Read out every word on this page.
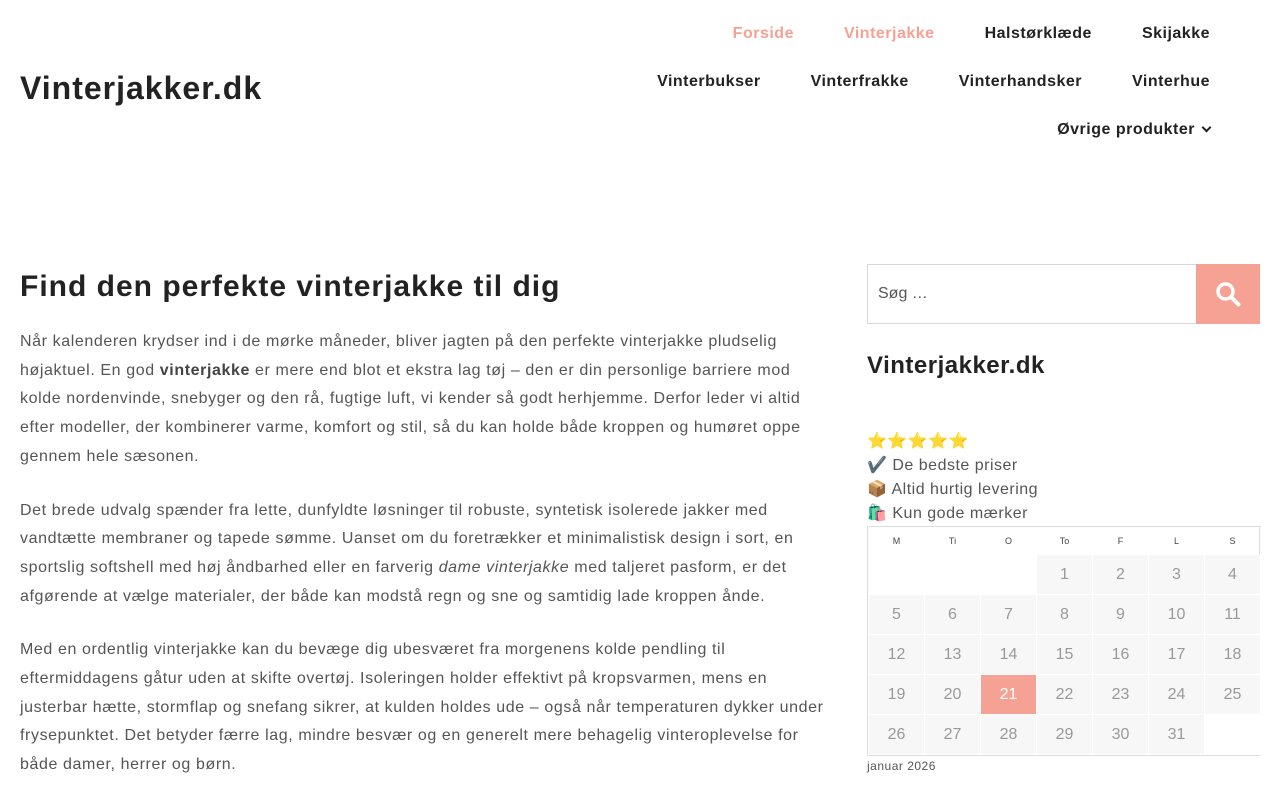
Vinterjakker.dk
Forside	Vinterjakke	Halstørklæde	Skijakke
Vinterbukser	Vinterfrakke	Vinterhandsker	Vinterhue
Øvrige produkter
Find den perfekte vinterjakke til dig

Når kalenderen krydser ind i de mørke måneder, bliver jagten på den perfekte vinterjakke pludselig højaktuel. En god vinterjakke er mere end blot et ekstra lag tøj – den er din personlige barriere mod kolde nordenvinde, snebyger og den rå, fugtige luft, vi kender så godt herhjemme. Derfor leder vi altid efter modeller, der kombinerer varme, komfort og stil, så du kan holde både kroppen og humøret oppe gennem hele sæsonen.

Det brede udvalg spænder fra lette, dunfyldte løsninger til robuste, syntetisk isolerede jakker med vandtætte membraner og tapede sømme. Uanset om du foretrækker et minimalistisk design i sort, en sportslig softshell med høj åndbarhed eller en farverig dame vinterjakke med taljeret pasform, er det afgørende at vælge materialer, der både kan modstå regn og sne og samtidig lade kroppen ånde.

Med en ordentlig vinterjakke kan du bevæge dig ubesværet fra morgenens kolde pendling til eftermiddagens gåtur uden at skifte overtøj. Isoleringen holder effektivt på kropsvarmen, mens en justerbar hætte, stormflap og snefang sikrer, at kulden holdes ude – også når temperaturen dykker under frysepunktet. Det betyder færre lag, mindre besvær og en generelt mere behagelig vinteroplevelse for både damer, herrer og børn.

Søg …
Vinterjakker.dk
⭐⭐⭐⭐⭐
✔️ De bedste priser
📦 Altid hurtig levering
🛍️ Kun gode mærker
M	Ti	O	To	F	L	S
			1	2	3	4
5	6	7	8	9	10	11
12	13	14	15	16	17	18
19	20	21	22	23	24	25
26	27	28	29	30	31	
januar 2026
